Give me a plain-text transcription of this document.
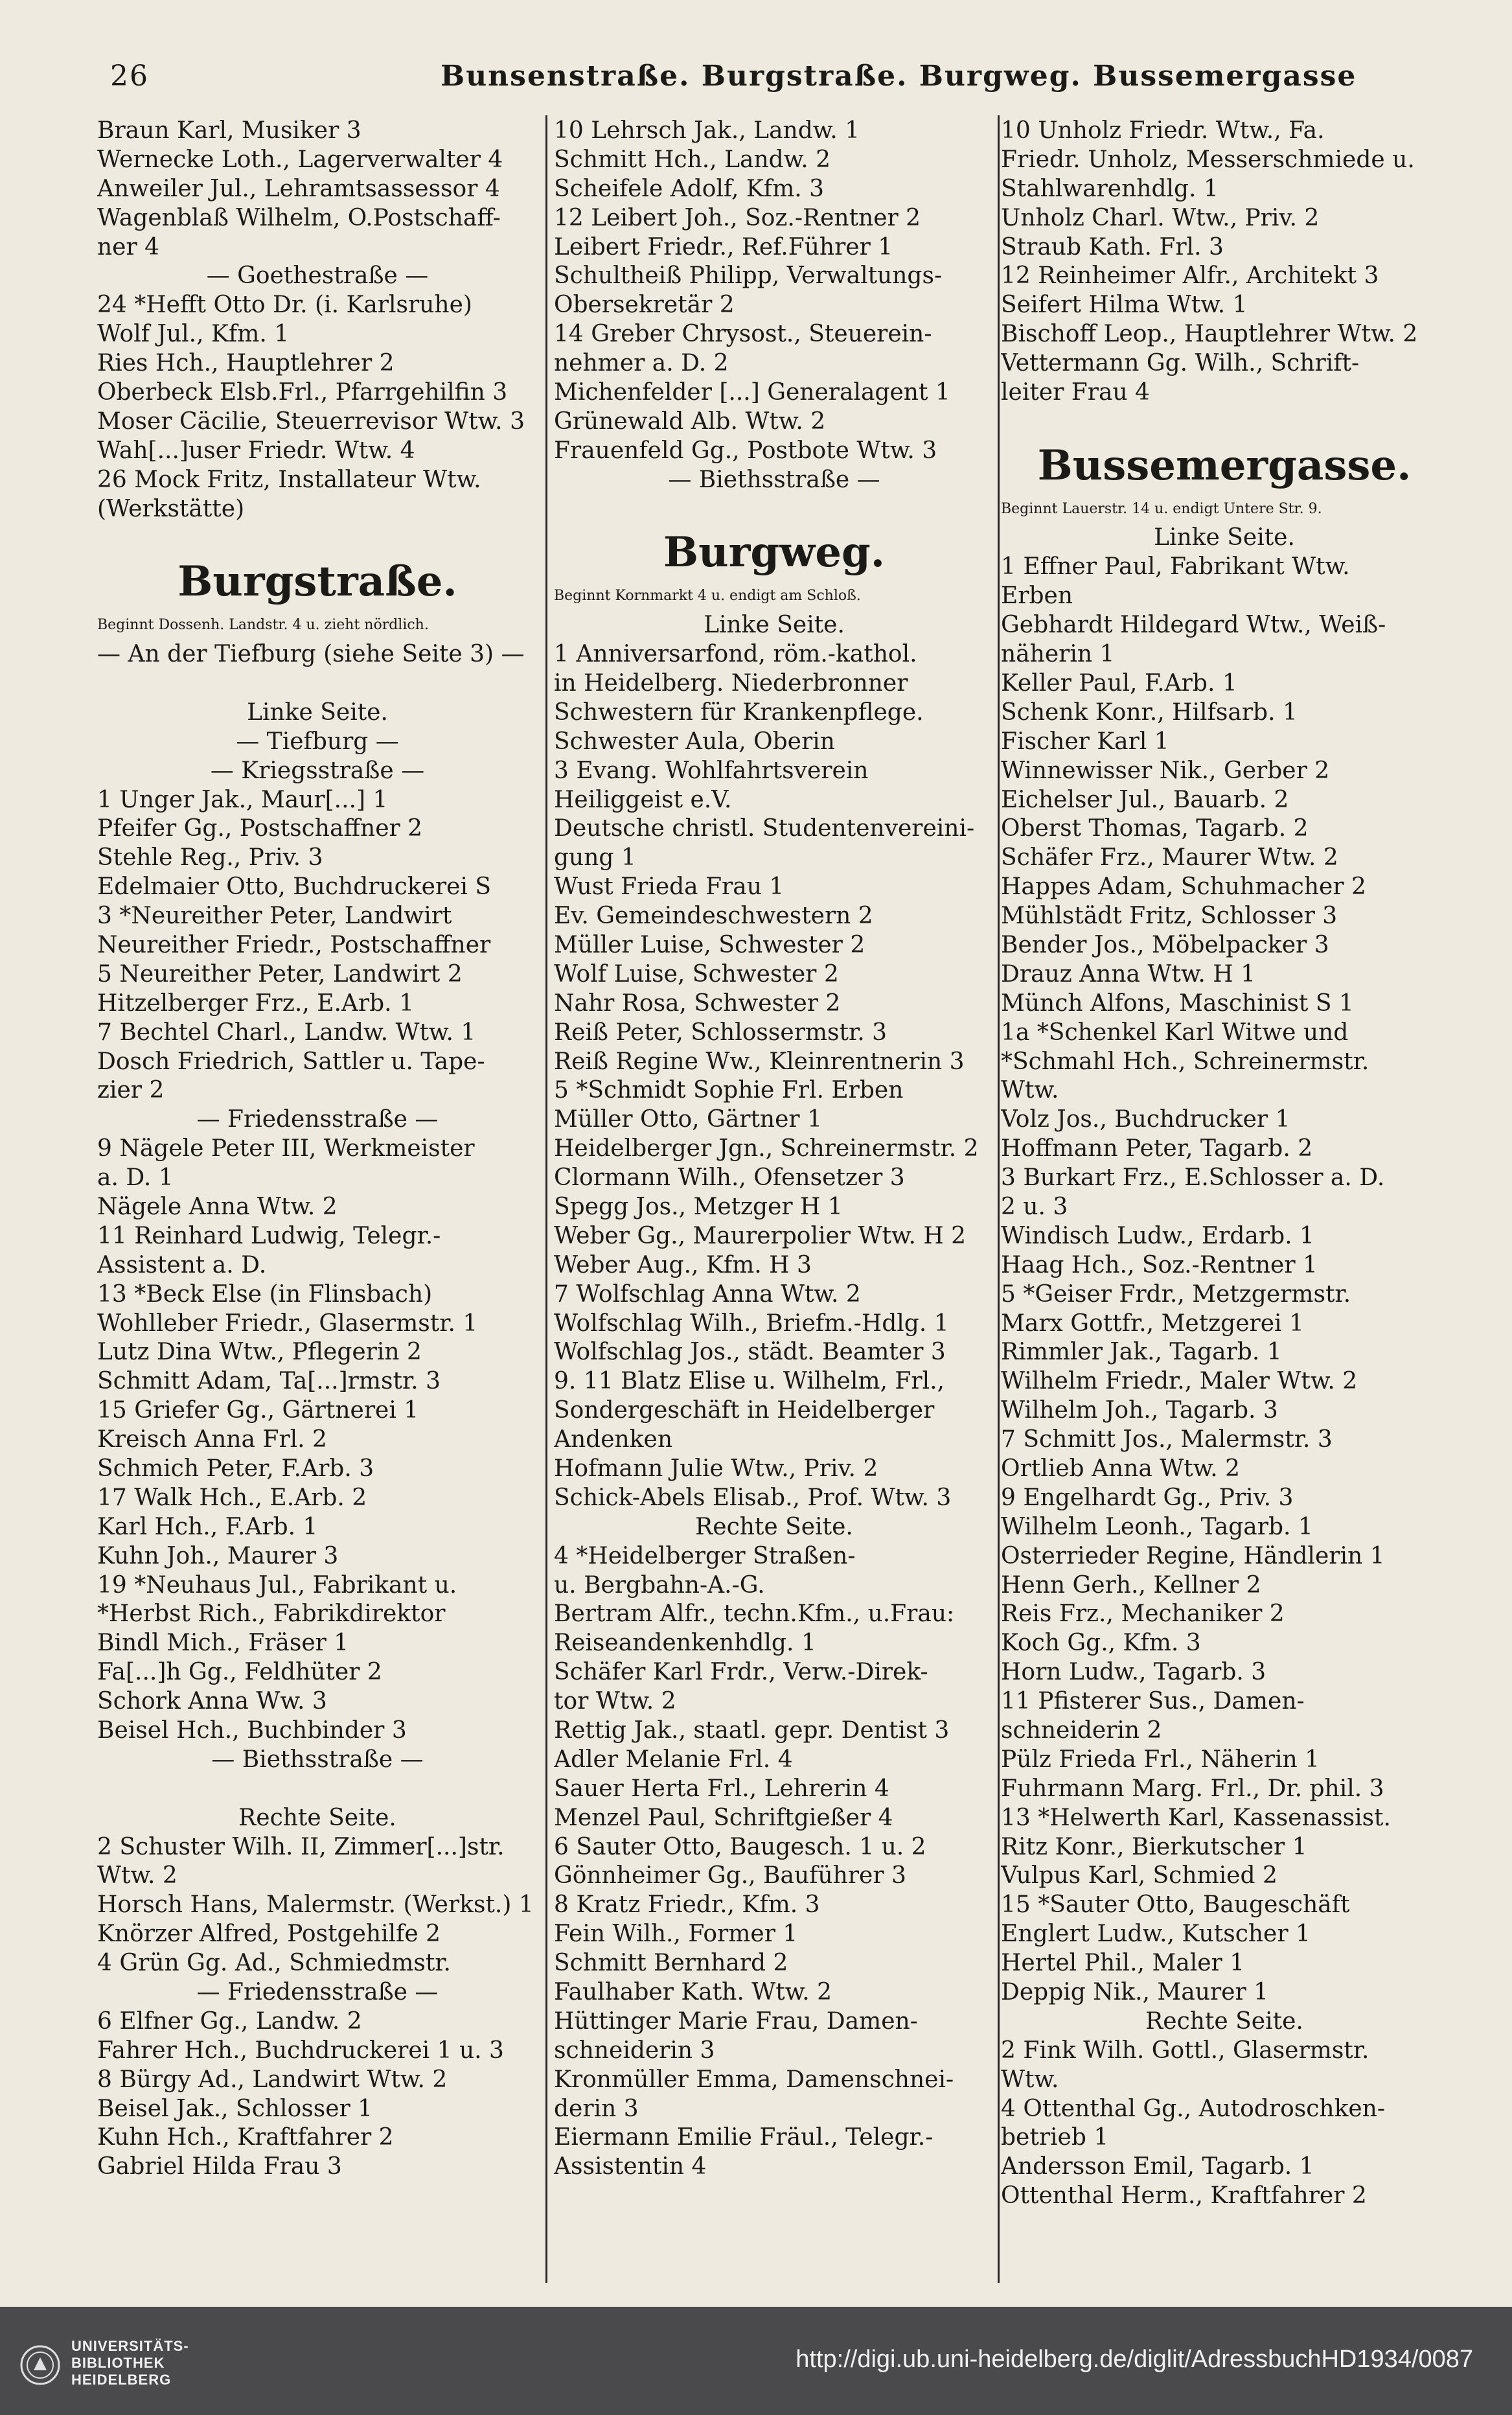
26	Bunsenstraße. Burgstraße. Burgweg. Bussemergasse
Braun Karl, Musiker 3
Wernecke Loth., Lagerverwalter 4
Anweiler Jul., Lehramtsassessor 4
Wagenblaß Wilhelm, O.Postschaff-
ner 4
— Goethestraße —
24 *Hefft Otto Dr. (i. Karlsruhe)
Wolf Jul., Kfm. 1
Ries Hch., Hauptlehrer 2
Oberbeck Elsb.Frl., Pfarrgehilfin 3
Moser Cäcilie, Steuerrevisor Wtw. 3
Wah[...]user Friedr. Wtw. 4
26 Mock Fritz, Installateur Wtw.
(Werkstätte)
Burgstraße.
Beginnt Dossenh. Landstr. 4 u. zieht nördlich.
— An der Tiefburg (siehe Seite 3) —
Linke Seite.
— Tiefburg —
— Kriegsstraße —
1 Unger Jak., Maur[...] 1
Pfeifer Gg., Postschaffner 2
Stehle Reg., Priv. 3
Edelmaier Otto, Buchdruckerei S
3 *Neureither Peter, Landwirt
Neureither Friedr., Postschaffner
5 Neureither Peter, Landwirt 2
Hitzelberger Frz., E.Arb. 1
7 Bechtel Charl., Landw. Wtw. 1
Dosch Friedrich, Sattler u. Tape-
zier 2
— Friedensstraße —
9 Nägele Peter III, Werkmeister
a. D. 1
Nägele Anna Wtw. 2
11 Reinhard Ludwig, Telegr.-
Assistent a. D.
13 *Beck Else (in Flinsbach)
Wohlleber Friedr., Glasermstr. 1
Lutz Dina Wtw., Pflegerin 2
Schmitt Adam, Ta[...]rmstr. 3
15 Griefer Gg., Gärtnerei 1
Kreisch Anna Frl. 2
Schmich Peter, F.Arb. 3
17 Walk Hch., E.Arb. 2
Karl Hch., F.Arb. 1
Kuhn Joh., Maurer 3
19 *Neuhaus Jul., Fabrikant u.
*Herbst Rich., Fabrikdirektor
Bindl Mich., Fräser 1
Fa[...]h Gg., Feldhüter 2
Schork Anna Ww. 3
Beisel Hch., Buchbinder 3
— Biethsstraße —
Rechte Seite.
2 Schuster Wilh. II, Zimmer[...]str.
Wtw. 2
Horsch Hans, Malermstr. (Werkst.) 1
Knörzer Alfred, Postgehilfe 2
4 Grün Gg. Ad., Schmiedmstr.
— Friedensstraße —
6 Elfner Gg., Landw. 2
Fahrer Hch., Buchdruckerei 1 u. 3
8 Bürgy Ad., Landwirt Wtw. 2
Beisel Jak., Schlosser 1
Kuhn Hch., Kraftfahrer 2
Gabriel Hilda Frau 3
10 Lehrsch Jak., Landw. 1
Schmitt Hch., Landw. 2
Scheifele Adolf, Kfm. 3
12 Leibert Joh., Soz.-Rentner 2
Leibert Friedr., Ref.Führer 1
Schultheiß Philipp, Verwaltungs-
Obersekretär 2
14 Greber Chrysost., Steuerein-
nehmer a. D. 2
Michenfelder [...] Generalagent 1
Grünewald Alb. Wtw. 2
Frauenfeld Gg., Postbote Wtw. 3
— Biethsstraße —
Burgweg.
Beginnt Kornmarkt 4 u. endigt am Schloß.
Linke Seite.
1 Anniversarfond, röm.-kathol.
in Heidelberg. Niederbronner
Schwestern für Krankenpflege.
Schwester Aula, Oberin
3 Evang. Wohlfahrtsverein
Heiliggeist e.V.
Deutsche christl. Studentenvereini-
gung 1
Wust Frieda Frau 1
Ev. Gemeindeschwestern 2
Müller Luise, Schwester 2
Wolf Luise, Schwester 2
Nahr Rosa, Schwester 2
Reiß Peter, Schlossermstr. 3
Reiß Regine Ww., Kleinrentnerin 3
5 *Schmidt Sophie Frl. Erben
Müller Otto, Gärtner 1
Heidelberger Jgn., Schreinermstr. 2
Clormann Wilh., Ofensetzer 3
Spegg Jos., Metzger H 1
Weber Gg., Maurerpolier Wtw. H 2
Weber Aug., Kfm. H 3
7 Wolfschlag Anna Wtw. 2
Wolfschlag Wilh., Briefm.-Hdlg. 1
Wolfschlag Jos., städt. Beamter 3
9. 11 Blatz Elise u. Wilhelm, Frl.,
Sondergeschäft in Heidelberger
Andenken
Hofmann Julie Wtw., Priv. 2
Schick-Abels Elisab., Prof. Wtw. 3
Rechte Seite.
4 *Heidelberger Straßen-
u. Bergbahn-A.-G.
Bertram Alfr., techn.Kfm., u.Frau:
Reiseandenkenhdlg. 1
Schäfer Karl Frdr., Verw.-Direk-
tor Wtw. 2
Rettig Jak., staatl. gepr. Dentist 3
Adler Melanie Frl. 4
Sauer Herta Frl., Lehrerin 4
Menzel Paul, Schriftgießer 4
6 Sauter Otto, Baugesch. 1 u. 2
Gönnheimer Gg., Bauführer 3
8 Kratz Friedr., Kfm. 3
Fein Wilh., Former 1
Schmitt Bernhard 2
Faulhaber Kath. Wtw. 2
Hüttinger Marie Frau, Damen-
schneiderin 3
Kronmüller Emma, Damenschnei-
derin 3
Eiermann Emilie Fräul., Telegr.-
Assistentin 4
10 Unholz Friedr. Wtw., Fa.
Friedr. Unholz, Messerschmiede u.
Stahlwarenhdlg. 1
Unholz Charl. Wtw., Priv. 2
Straub Kath. Frl. 3
12 Reinheimer Alfr., Architekt 3
Seifert Hilma Wtw. 1
Bischoff Leop., Hauptlehrer Wtw. 2
Vettermann Gg. Wilh., Schrift-
leiter Frau 4
Bussemergasse.
Beginnt Lauerstr. 14 u. endigt Untere Str. 9.
Linke Seite.
1 Effner Paul, Fabrikant Wtw.
Erben
Gebhardt Hildegard Wtw., Weiß-
näherin 1
Keller Paul, F.Arb. 1
Schenk Konr., Hilfsarb. 1
Fischer Karl 1
Winnewisser Nik., Gerber 2
Eichelser Jul., Bauarb. 2
Oberst Thomas, Tagarb. 2
Schäfer Frz., Maurer Wtw. 2
Happes Adam, Schuhmacher 2
Mühlstädt Fritz, Schlosser 3
Bender Jos., Möbelpacker 3
Drauz Anna Wtw. H 1
Münch Alfons, Maschinist S 1
1a *Schenkel Karl Witwe und
*Schmahl Hch., Schreinermstr.
Wtw.
Volz Jos., Buchdrucker 1
Hoffmann Peter, Tagarb. 2
3 Burkart Frz., E.Schlosser a. D.
2 u. 3
Windisch Ludw., Erdarb. 1
Haag Hch., Soz.-Rentner 1
5 *Geiser Frdr., Metzgermstr.
Marx Gottfr., Metzgerei 1
Rimmler Jak., Tagarb. 1
Wilhelm Friedr., Maler Wtw. 2
Wilhelm Joh., Tagarb. 3
7 Schmitt Jos., Malermstr. 3
Ortlieb Anna Wtw. 2
9 Engelhardt Gg., Priv. 3
Wilhelm Leonh., Tagarb. 1
Osterrieder Regine, Händlerin 1
Henn Gerh., Kellner 2
Reis Frz., Mechaniker 2
Koch Gg., Kfm. 3
Horn Ludw., Tagarb. 3
11 Pfisterer Sus., Damen-
schneiderin 2
Pülz Frieda Frl., Näherin 1
Fuhrmann Marg. Frl., Dr. phil. 3
13 *Helwerth Karl, Kassenassist.
Ritz Konr., Bierkutscher 1
Vulpus Karl, Schmied 2
15 *Sauter Otto, Baugeschäft
Englert Ludw., Kutscher 1
Hertel Phil., Maler 1
Deppig Nik., Maurer 1
Rechte Seite.
2 Fink Wilh. Gottl., Glasermstr.
Wtw.
4 Ottenthal Gg., Autodroschken-
betrieb 1
Andersson Emil, Tagarb. 1
Ottenthal Herm., Kraftfahrer 2
UNIVERSITÄTS-
BIBLIOTHEK
HEIDELBERG
http://digi.ub.uni-heidelberg.de/diglit/AdressbuchHD1934/0087
